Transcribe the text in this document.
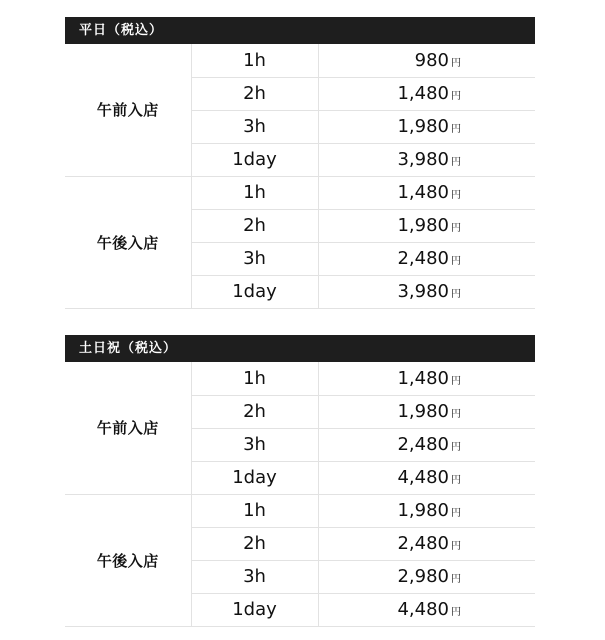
平日（税込）
午前入店	1h	980 円
	2h	1,480 円
	3h	1,980 円
	1day	3,980 円
午後入店	1h	1,480 円
	2h	1,980 円
	3h	2,480 円
	1day	3,980 円
土日祝（税込）
午前入店	1h	1,480 円
	2h	1,980 円
	3h	2,480 円
	1day	4,480 円
午後入店	1h	1,980 円
	2h	2,480 円
	3h	2,980 円
	1day	4,480 円
